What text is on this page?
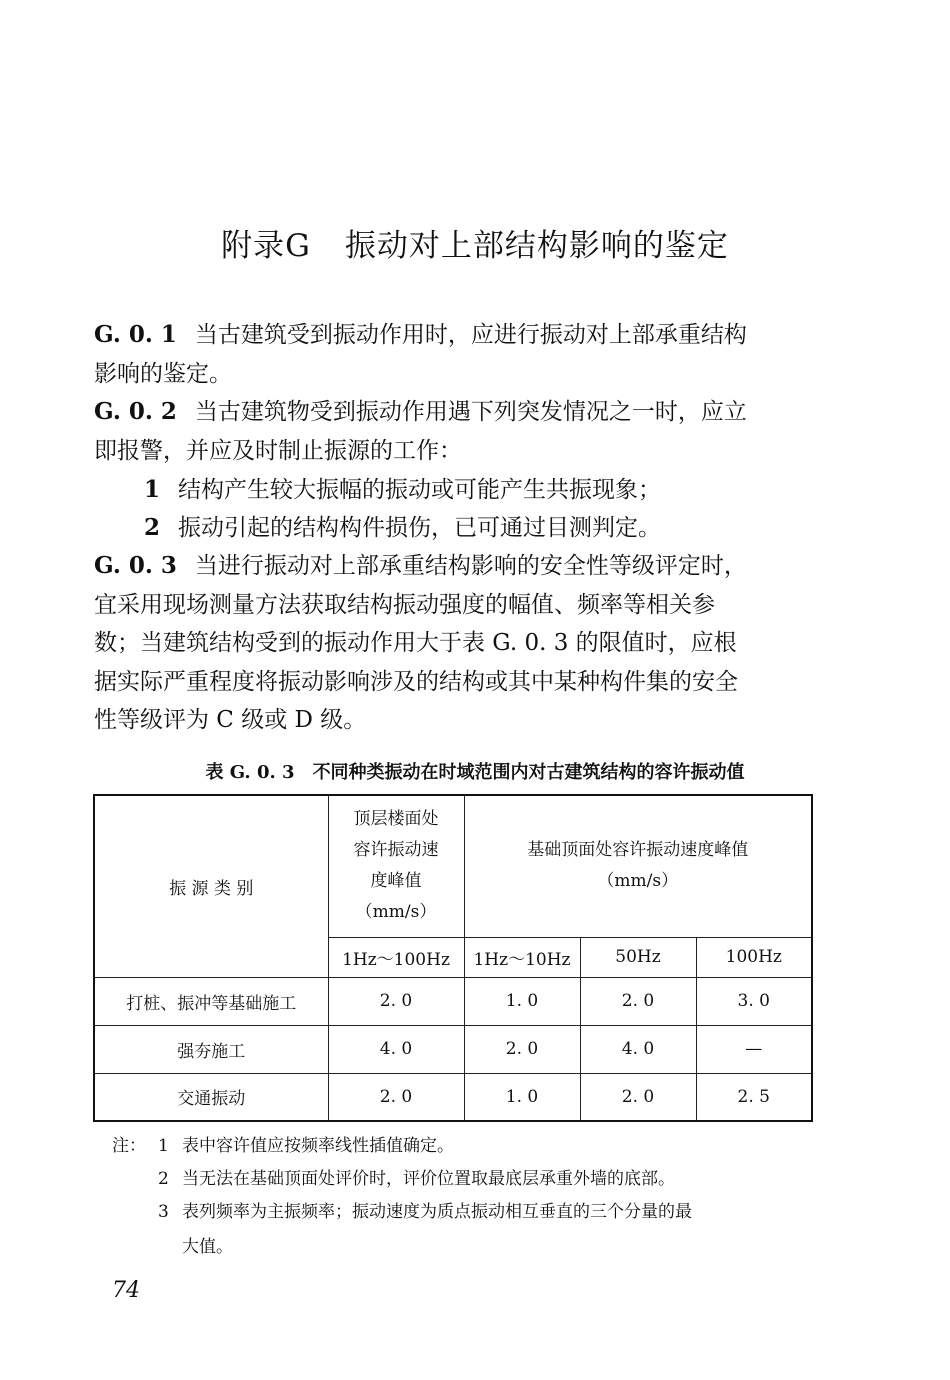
附录G 振动对上部结构影响的鉴定
G. 0. 1 当古建筑受到振动作用时，应进行振动对上部承重结构
影响的鉴定。
G. 0. 2 当古建筑物受到振动作用遇下列突发情况之一时，应立
即报警，并应及时制止振源的工作：
1 结构产生较大振幅的振动或可能产生共振现象；
2 振动引起的结构构件损伤，已可通过目测判定。
G. 0. 3 当进行振动对上部承重结构影响的安全性等级评定时，
宜采用现场测量方法获取结构振动强度的幅值、频率等相关参
数；当建筑结构受到的振动作用大于表 G. 0. 3 的限值时，应根
据实际严重程度将振动影响涉及的结构或其中某种构件集的安全
性等级评为 C 级或 D 级。
表 G. 0. 3 不同种类振动在时域范围内对古建筑结构的容许振动值
振 源 类 别	顶层楼面处
容许振动速
度峰值
（mm/s）	基础顶面处容许振动速度峰值
（mm/s）		
	1Hz～100Hz	1Hz～10Hz	50Hz	100Hz
打桩、振冲等基础施工	2. 0	1. 0	2. 0	3. 0
强夯施工	4. 0	2. 0	4. 0	—
交通振动	2. 0	1. 0	2. 0	2. 5
注： 1 表中容许值应按频率线性插值确定。
2 当无法在基础顶面处评价时，评价位置取最底层承重外墙的底部。
3 表列频率为主振频率；振动速度为质点振动相互垂直的三个分量的最
大值。
74
